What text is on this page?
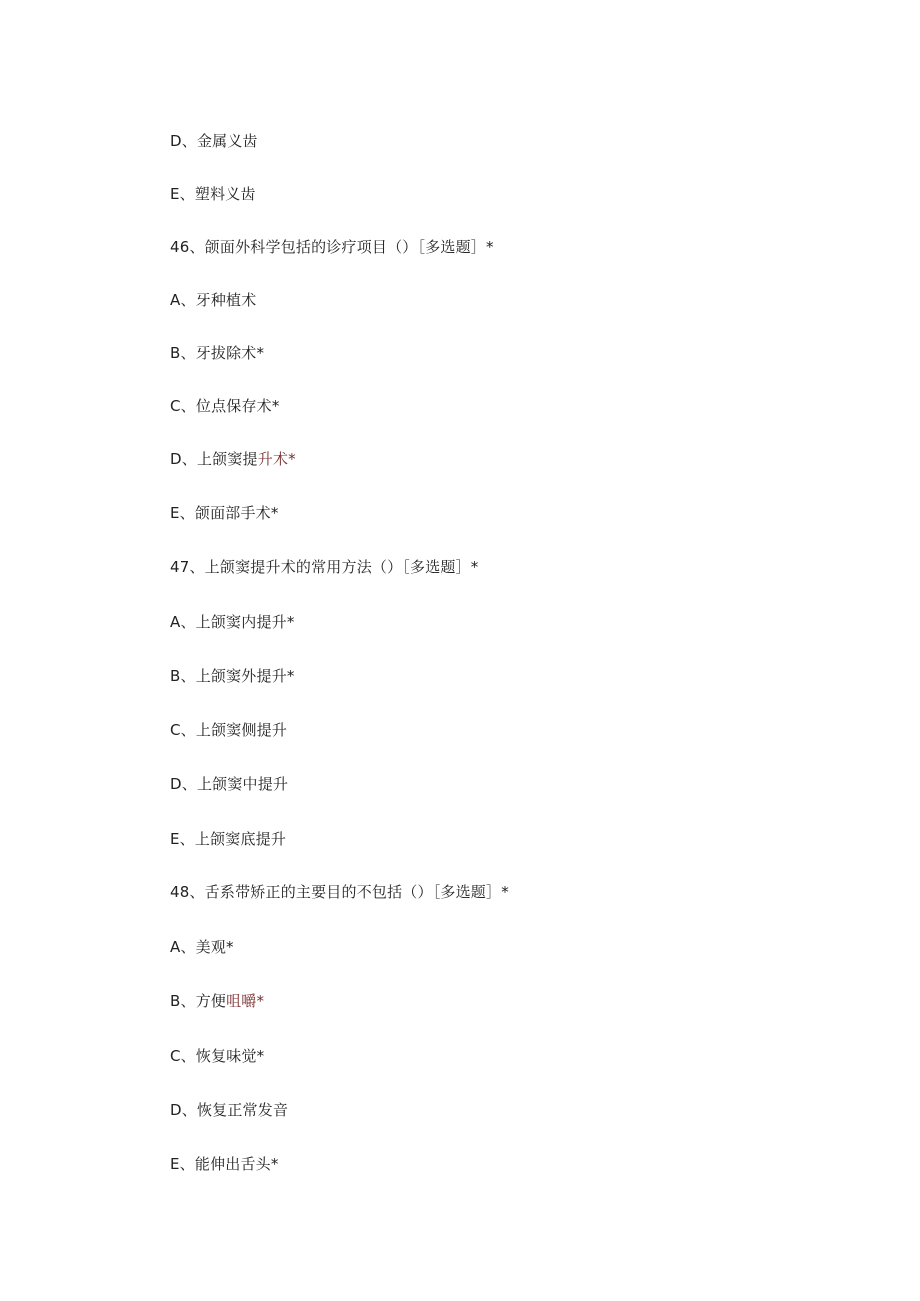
D、金属义齿
E、塑料义齿
46、颌面外科学包括的诊疗项目（）［多选题］*
A、牙种植术
B、牙拔除术*
C、位点保存术*
D、上颌窦提升术*
E、颌面部手术*
47、上颌窦提升术的常用方法（）［多选题］*
A、上颌窦内提升*
B、上颌窦外提升*
C、上颌窦侧提升
D、上颌窦中提升
E、上颌窦底提升
48、舌系带矫正的主要目的不包括（）［多选题］*
A、美观*
B、方便咀嚼*
C、恢复味觉*
D、恢复正常发音
E、能伸出舌头*
